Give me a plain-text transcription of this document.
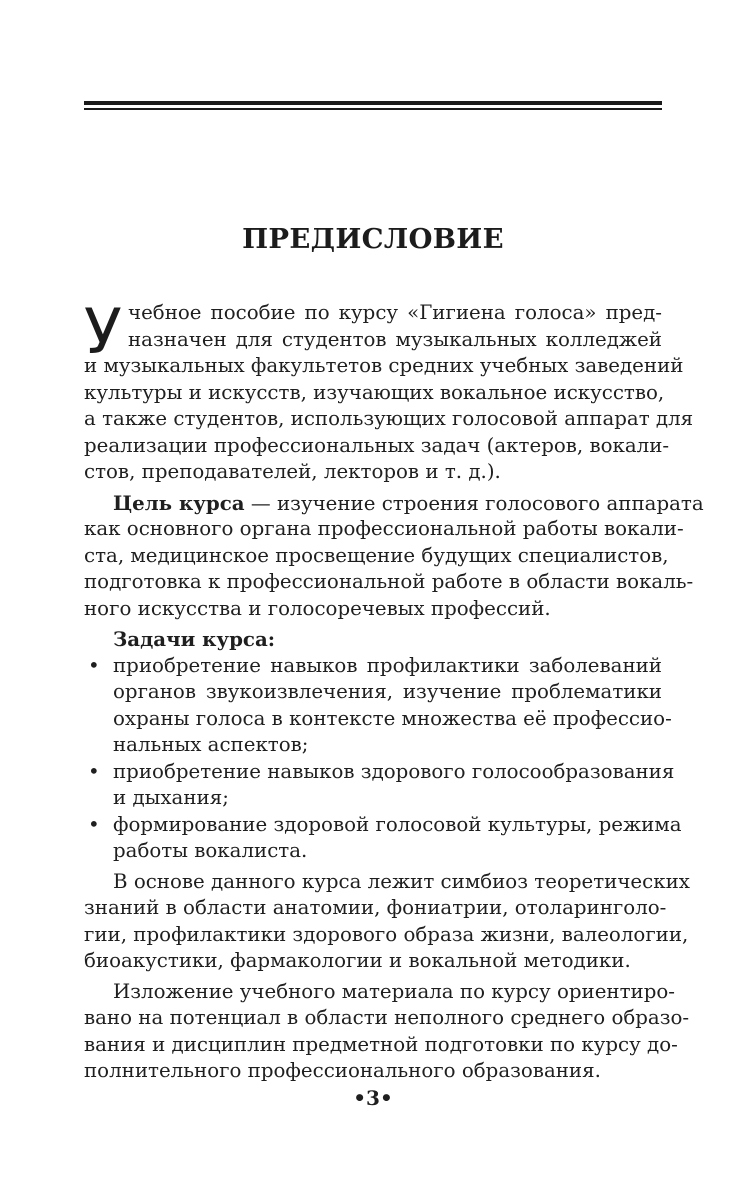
ПРЕДИСЛОВИЕ
У чебное пособие по курсу «Гигиена голоса» пред-
назначен для студентов музыкальных колледжей
и музыкальных факультетов средних учебных заведений
культуры и искусств, изучающих вокальное искусство,
а также студентов, использующих голосовой аппарат для
реализации профессиональных задач (актеров, вокали-
стов, преподавателей, лекторов и т. д.).
Цель курса — изучение строения голосового аппарата
как основного органа профессиональной работы вокали-
ста, медицинское просвещение будущих специалистов,
подготовка к профессиональной работе в области вокаль-
ного искусства и голосоречевых профессий.
Задачи курса:
• приобретение навыков профилактики заболеваний
органов звукоизвлечения, изучение проблематики
охраны голоса в контексте множества её профессио-
нальных аспектов;
• приобретение навыков здорового голосообразования
и дыхания;
• формирование здоровой голосовой культуры, режима
работы вокалиста.
В основе данного курса лежит симбиоз теоретических
знаний в области анатомии, фониатрии, отоларинголо-
гии, профилактики здорового образа жизни, валеологии,
биоакустики, фармакологии и вокальной методики.
Изложение учебного материала по курсу ориентиро-
вано на потенциал в области неполного среднего образо-
вания и дисциплин предметной подготовки по курсу до-
полнительного профессионального образования.
•3•
